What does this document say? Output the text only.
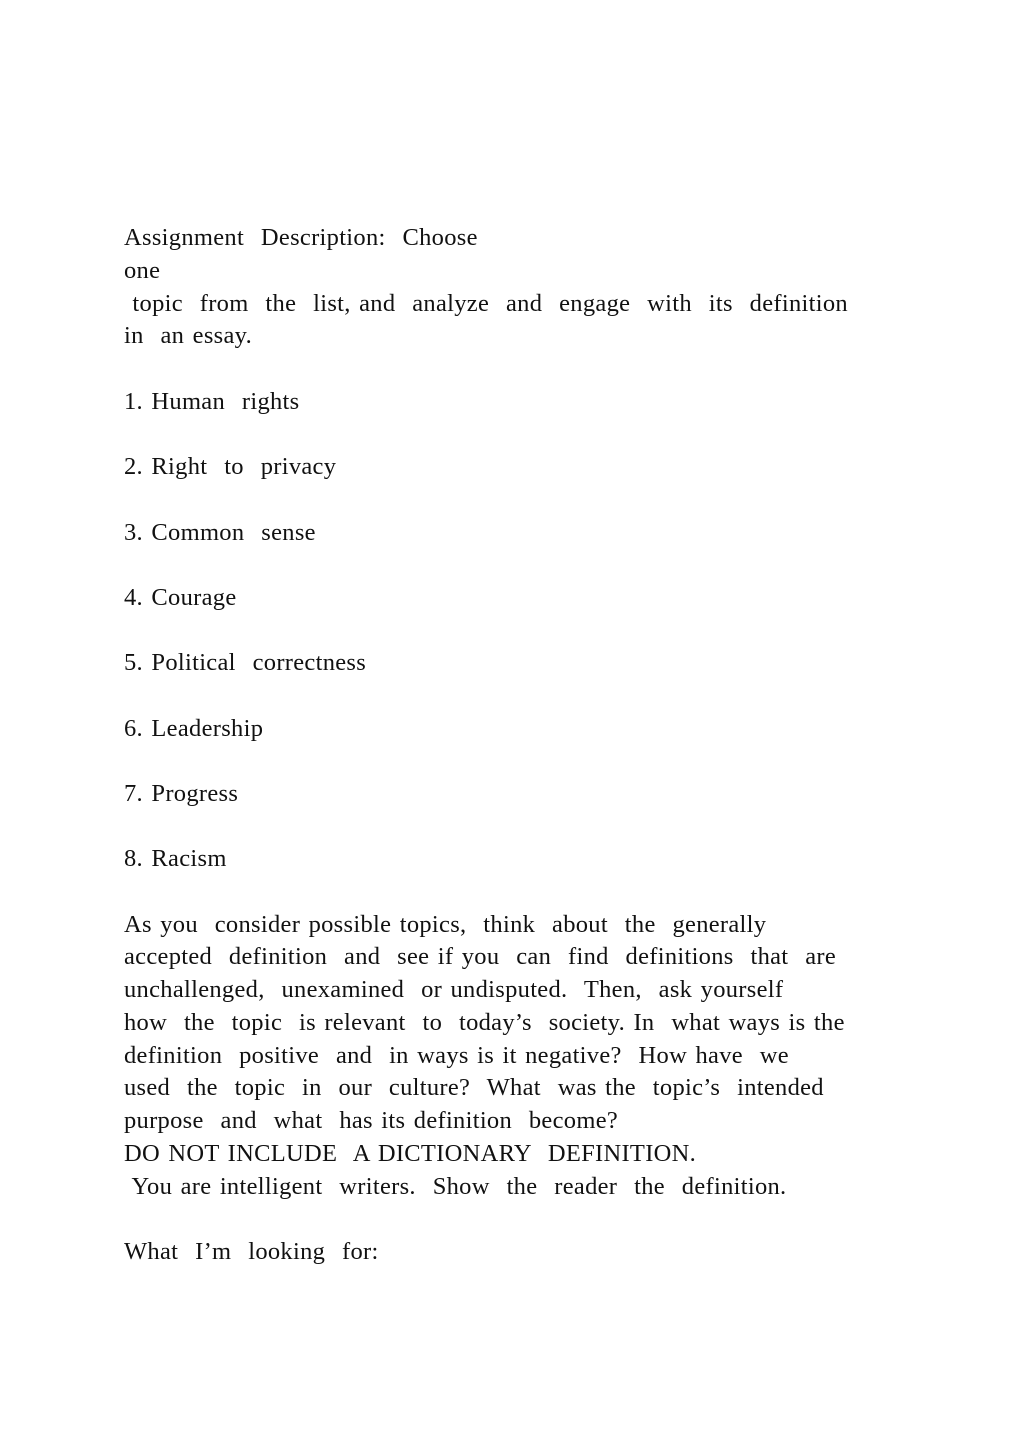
Assignment  Description:  Choose
one
topic  from  the  list, and  analyze  and  engage  with  its  definition
in  an essay.
1. Human  rights
2. Right  to  privacy
3. Common  sense
4. Courage
5. Political  correctness
6. Leadership
7. Progress
8. Racism
As you  consider possible topics,  think  about  the  generally
accepted  definition  and  see if you  can  find  definitions  that  are
unchallenged,  unexamined  or undisputed.  Then,  ask yourself
how  the  topic  is relevant  to  today’s  society. In  what ways is the
definition  positive  and  in ways is it negative?  How have  we
used  the  topic  in  our  culture?  What  was the  topic’s  intended
purpose  and  what  has its definition  become?
DO NOT INCLUDE  A DICTIONARY  DEFINITION.
You are intelligent  writers.  Show  the  reader  the  definition.
What  I’m  looking  for:
